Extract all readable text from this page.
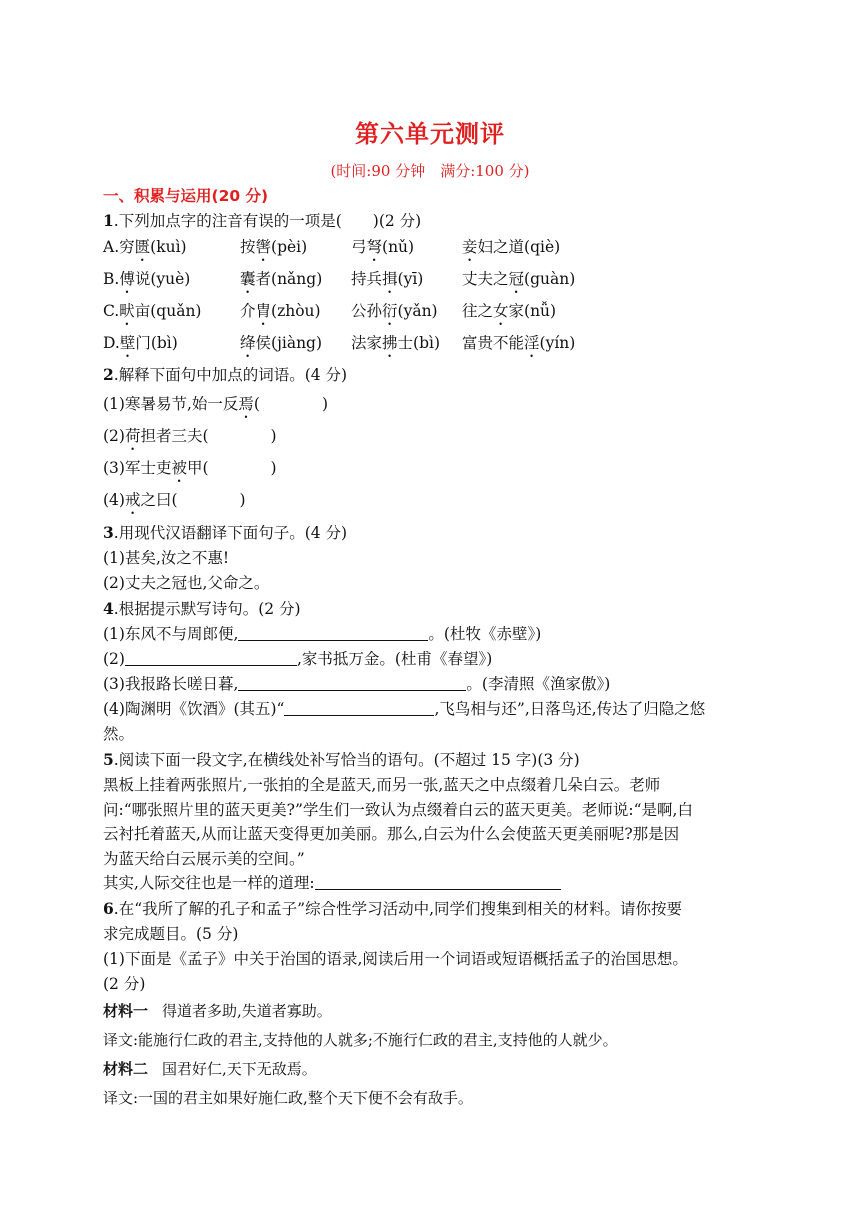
第六单元测评
(时间:90 分钟　满分:100 分)
一、积累与运用(20 分)
1.下列加点字的注音有误的一项是(　　)(2 分)
A.穷匮(kuì)	按辔(pèi)	弓弩(nǔ)	妾妇之道(qiè)
B.傅说(yuè)	囊者(nǎng)	持兵揖(yī)	丈夫之冠(guàn)
C.畎亩(quǎn)	介胄(zhòu)	公孙衍(yǎn)	往之女家(nǚ)
D.壁门(bì)	绛侯(jiàng)	法家拂士(bì)	富贵不能淫(yín)
2.解释下面句中加点的词语。(4 分)
(1)寒暑易节,始一反焉(　　　　)
(2)荷担者三夫(　　　　)
(3)军士吏被甲(　　　　)
(4)戒之曰(　　　　)
3.用现代汉语翻译下面句子。(4 分)
(1)甚矣,汝之不惠!
(2)丈夫之冠也,父命之。
4.根据提示默写诗句。(2 分)
(1)东风不与周郎便,	。(杜牧《赤壁》)
(2)	,家书抵万金。(杜甫《春望》)
(3)我报路长嗟日暮,	。(李清照《渔家傲》)
(4)陶渊明《饮酒》(其五)“	,飞鸟相与还”,日落鸟还,传达了归隐之悠
然。
5.阅读下面一段文字,在横线处补写恰当的语句。(不超过 15 字)(3 分)
黑板上挂着两张照片,一张拍的全是蓝天,而另一张,蓝天之中点缀着几朵白云。老师
问:“哪张照片里的蓝天更美?”学生们一致认为点缀着白云的蓝天更美。老师说:“是啊,白
云衬托着蓝天,从而让蓝天变得更加美丽。那么,白云为什么会使蓝天更美丽呢?那是因
为蓝天给白云展示美的空间。”
其实,人际交往也是一样的道理:
6.在“我所了解的孔子和孟子”综合性学习活动中,同学们搜集到相关的材料。请你按要
求完成题目。(5 分)
(1)下面是《孟子》中关于治国的语录,阅读后用一个词语或短语概括孟子的治国思想。
(2 分)
材料一 得道者多助,失道者寡助。
译文:能施行仁政的君主,支持他的人就多;不施行仁政的君主,支持他的人就少。
材料二 国君好仁,天下无敌焉。
译文:一国的君主如果好施仁政,整个天下便不会有敌手。
